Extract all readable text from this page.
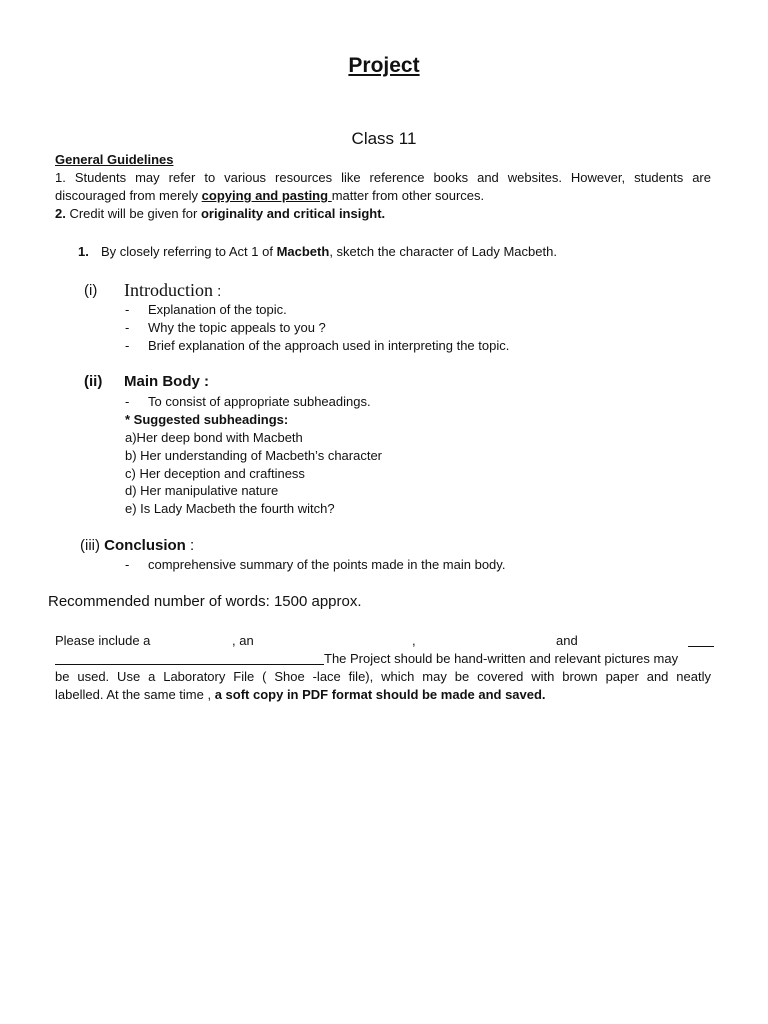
Project
Class 11
General Guidelines
1. Students may refer to various resources like reference books and websites. However, students are
discouraged from merely copying and pasting matter from other sources.
2. Credit will be given for originality and critical insight.
1. By closely referring to Act 1 of Macbeth, sketch the character of Lady Macbeth.
(i) Introduction :
- Explanation of the topic.
- Why the topic appeals to you ?
- Brief explanation of the approach used in interpreting the topic.
(ii) Main Body :
- To consist of appropriate subheadings.
* Suggested subheadings:
a)Her deep bond with Macbeth
b) Her understanding of Macbeth’s character
c) Her deception and craftiness
d) Her manipulative nature
e) Is Lady Macbeth the fourth witch?
(iii) Conclusion :
- comprehensive summary of the points made in the main body.
Recommended number of words: 1500 approx.
Please include a	, an	,	and
The Project should be hand-written and relevant pictures may
be used. Use a Laboratory File ( Shoe -lace file), which may be covered with brown paper and neatly
labelled. At the same time , a soft copy in PDF format should be made and saved.
